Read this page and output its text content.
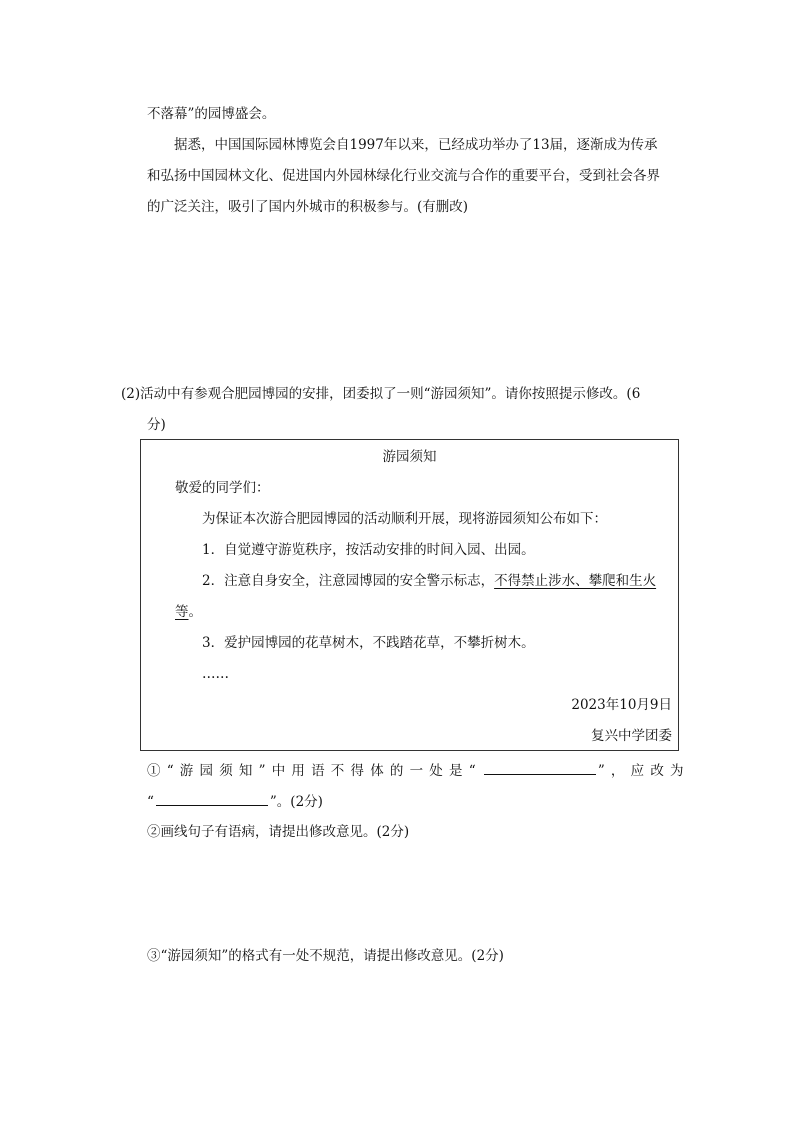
不落幕”的园博盛会。
据悉，中国国际园林博览会自1997年以来，已经成功举办了13届，逐渐成为传承
和弘扬中国园林文化、促进国内外园林绿化行业交流与合作的重要平台，受到社会各界
的广泛关注，吸引了国内外城市的积极参与。(有删改)
(2)活动中有参观合肥园博园的安排，团委拟了一则“游园须知”。请你按照提示修改。(6
分)
游园须知
敬爱的同学们：
为保证本次游合肥园博园的活动顺利开展，现将游园须知公布如下：
1．自觉遵守游览秩序，按活动安排的时间入园、出园。
2．注意自身安全，注意园博园的安全警示标志，不得禁止涉水、攀爬和生火
等。
3．爱护园博园的花草树木，不践踏花草，不攀折树木。
……
2023年10月9日
复兴中学团委
①“游园须知”中用语不得体的一处是“	”，应改为
“	”。(2分)
②画线句子有语病，请提出修改意见。(2分)
③“游园须知”的格式有一处不规范，请提出修改意见。(2分)
